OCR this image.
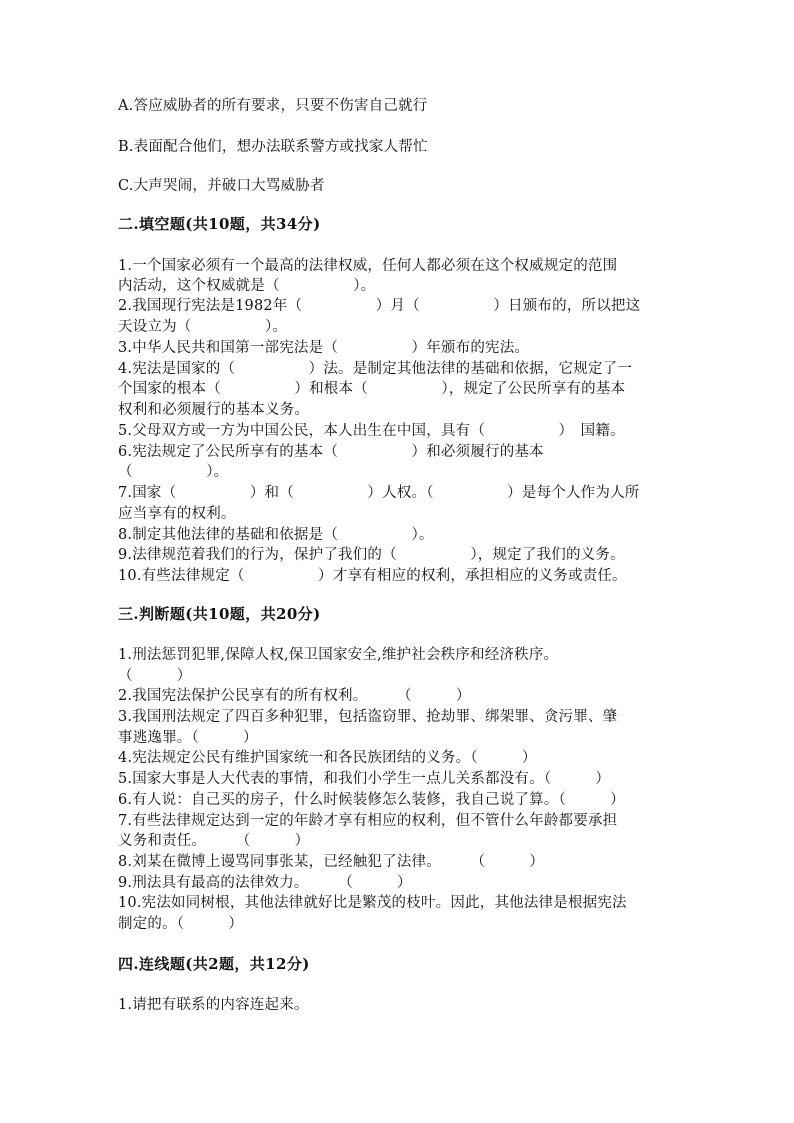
A.答应威胁者的所有要求，只要不伤害自己就行
B.表面配合他们，想办法联系警方或找家人帮忙
C.大声哭闹，并破口大骂威胁者
二.填空题(共10题，共34分)
1.一个国家必须有一个最高的法律权威，任何人都必须在这个权威规定的范围
内活动，这个权威就是（　　　　　）。
2.我国现行宪法是1982年（　　　　　）月（　　　　　）日颁布的，所以把这
天设立为（　　　　　）。
3.中华人民共和国第一部宪法是（　　　　　）年颁布的宪法。
4.宪法是国家的（　　　　　）法。是制定其他法律的基础和依据，它规定了一
个国家的根本（　　　　　）和根本（　　　　　），规定了公民所享有的基本
权利和必须履行的基本义务。
5.父母双方或一方为中国公民，本人出生在中国，具有（　　　　　）　国籍。
6.宪法规定了公民所享有的基本（　　　　　）和必须履行的基本
（　　　　　）。
7.国家（　　　　　）和（　　　　　）人权。（　　　　　）是每个人作为人所
应当享有的权利。
8.制定其他法律的基础和依据是（　　　　　）。
9.法律规范着我们的行为，保护了我们的（　　　　　），规定了我们的义务。
10.有些法律规定（　　　　　）才享有相应的权利，承担相应的义务或责任。
三.判断题(共10题，共20分)
1.刑法惩罚犯罪,保障人权,保卫国家安全,维护社会秩序和经济秩序。
（　　　）
2.我国宪法保护公民享有的所有权利。　　　（　　　）
3.我国刑法规定了四百多种犯罪，包括盗窃罪、抢劫罪、绑架罪、贪污罪、肇
事逃逸罪。（　　　）
4.宪法规定公民有维护国家统一和各民族团结的义务。（　　　）
5.国家大事是人大代表的事情，和我们小学生一点儿关系都没有。（　　　）
6.有人说：自己买的房子，什么时候装修怎么装修，我自己说了算。（　　　）
7.有些法律规定达到一定的年龄才享有相应的权利，但不管什么年龄都要承担
义务和责任。　　　（　　　）
8.刘某在微博上谩骂同事张某，已经触犯了法律。　　　（　　　）
9.刑法具有最高的法律效力。　　　（　　　）
10.宪法如同树根，其他法律就好比是繁茂的枝叶。因此，其他法律是根据宪法
制定的。（　　　）
四.连线题(共2题，共12分)
1.请把有联系的内容连起来。
